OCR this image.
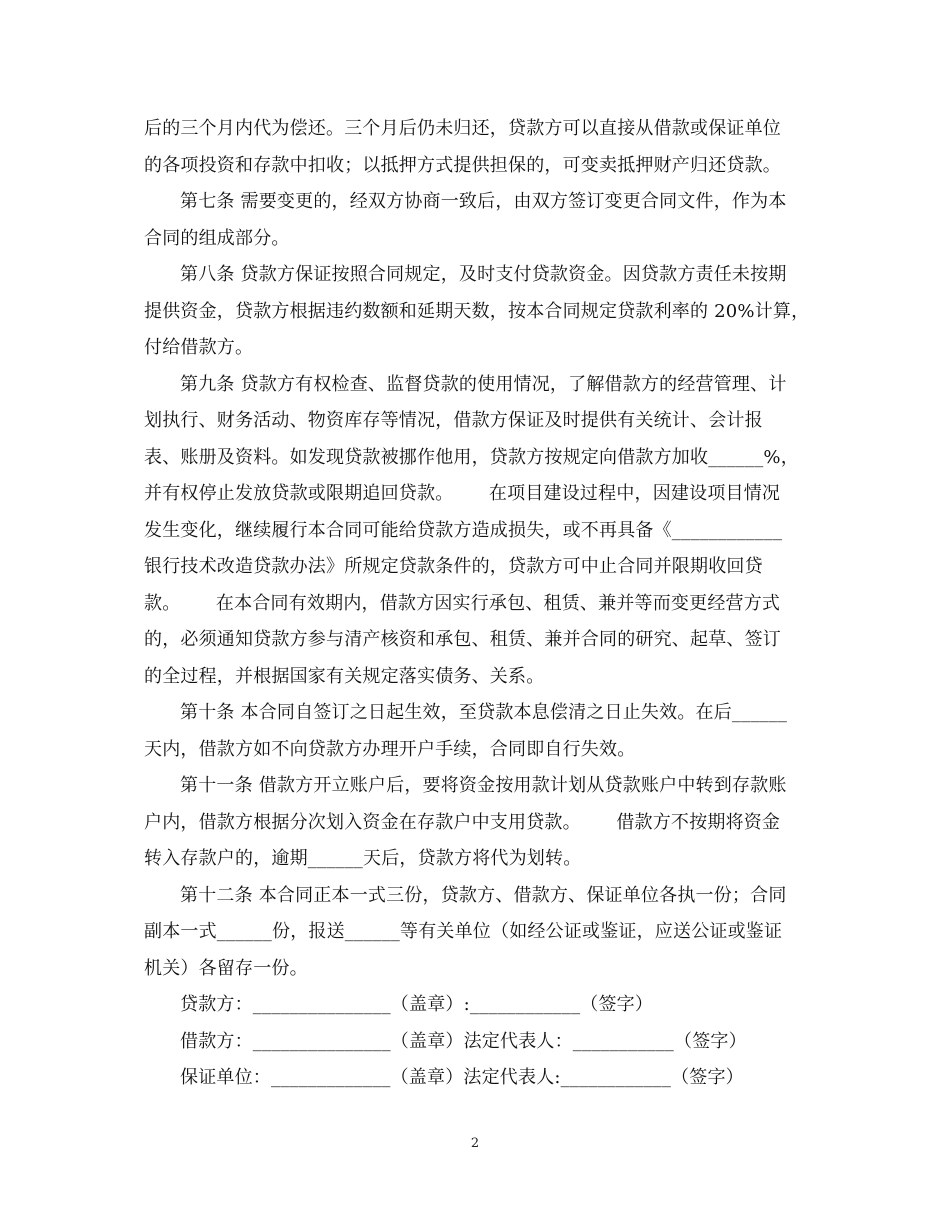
后的三个月内代为偿还。三个月后仍未归还，贷款方可以直接从借款或保证单位
的各项投资和存款中扣收；以抵押方式提供担保的，可变卖抵押财产归还贷款。
第七条 需要变更的，经双方协商一致后，由双方签订变更合同文件，作为本
合同的组成部分。
第八条 贷款方保证按照合同规定，及时支付贷款资金。因贷款方责任未按期
提供资金，贷款方根据违约数额和延期天数，按本合同规定贷款利率的 20%计算，
付给借款方。
第九条 贷款方有权检查、监督贷款的使用情况，了解借款方的经营管理、计
划执行、财务活动、物资库存等情况，借款方保证及时提供有关统计、会计报
表、账册及资料。如发现贷款被挪作他用，贷款方按规定向借款方加收______%，
并有权停止发放贷款或限期追回贷款。      在项目建设过程中，因建设项目情况
发生变化，继续履行本合同可能给贷款方造成损失，或不再具备《____________
银行技术改造贷款办法》所规定贷款条件的，贷款方可中止合同并限期收回贷
款。      在本合同有效期内，借款方因实行承包、租赁、兼并等而变更经营方式
的，必须通知贷款方参与清产核资和承包、租赁、兼并合同的研究、起草、签订
的全过程，并根据国家有关规定落实债务、关系。
第十条 本合同自签订之日起生效，至贷款本息偿清之日止失效。在后______
天内，借款方如不向贷款方办理开户手续，合同即自行失效。
第十一条 借款方开立账户后，要将资金按用款计划从贷款账户中转到存款账
户内，借款方根据分次划入资金在存款户中支用贷款。      借款方不按期将资金
转入存款户的，逾期______天后，贷款方将代为划转。
第十二条 本合同正本一式三份，贷款方、借款方、保证单位各执一份；合同
副本一式______份，报送______等有关单位（如经公证或鉴证，应送公证或鉴证
机关）各留存一份。
贷款方：_______________（盖章）:____________（签字）
借款方：_______________（盖章）法定代表人：___________（签字）
保证单位：_____________（盖章）法定代表人:____________（签字）
2
